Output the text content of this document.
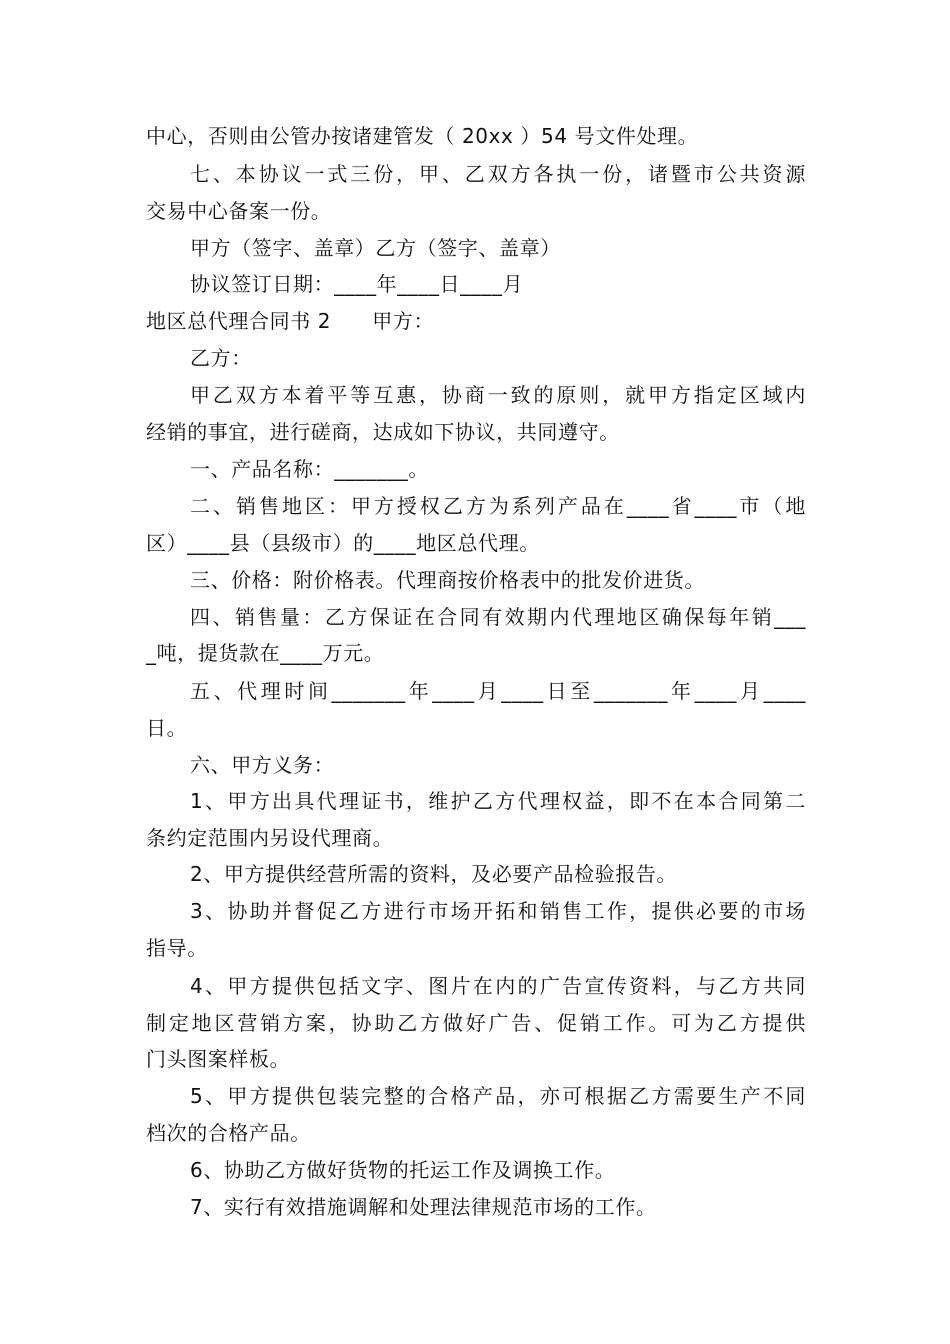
中心，否则由公管办按诸建管发（ 20xx ）54 号文件处理。
七、本协议一式三份，甲、乙双方各执一份，诸暨市公共资源
交易中心备案一份。
甲方（签字、盖章）乙方（签字、盖章）
协议签订日期：____年____日____月
地区总代理合同书 2　　甲方：
乙方：
甲乙双方本着平等互惠，协商一致的原则，就甲方指定区域内
经销的事宜，进行磋商，达成如下协议，共同遵守。
一、产品名称：_______。
二、销售地区：甲方授权乙方为系列产品在____省____市（地
区）____县（县级市）的____地区总代理。
三、价格：附价格表。代理商按价格表中的批发价进货。
四、销售量：乙方保证在合同有效期内代理地区确保每年销___
_吨，提货款在____万元。
五、代理时间_______年____月____日至_______年____月____
日。
六、甲方义务：
1、甲方出具代理证书，维护乙方代理权益，即不在本合同第二
条约定范围内另设代理商。
2、甲方提供经营所需的资料，及必要产品检验报告。
3、协助并督促乙方进行市场开拓和销售工作，提供必要的市场
指导。
4、甲方提供包括文字、图片在内的广告宣传资料，与乙方共同
制定地区营销方案，协助乙方做好广告、促销工作。可为乙方提供
门头图案样板。
5、甲方提供包装完整的合格产品，亦可根据乙方需要生产不同
档次的合格产品。
6、协助乙方做好货物的托运工作及调换工作。
7、实行有效措施调解和处理法律规范市场的工作。
